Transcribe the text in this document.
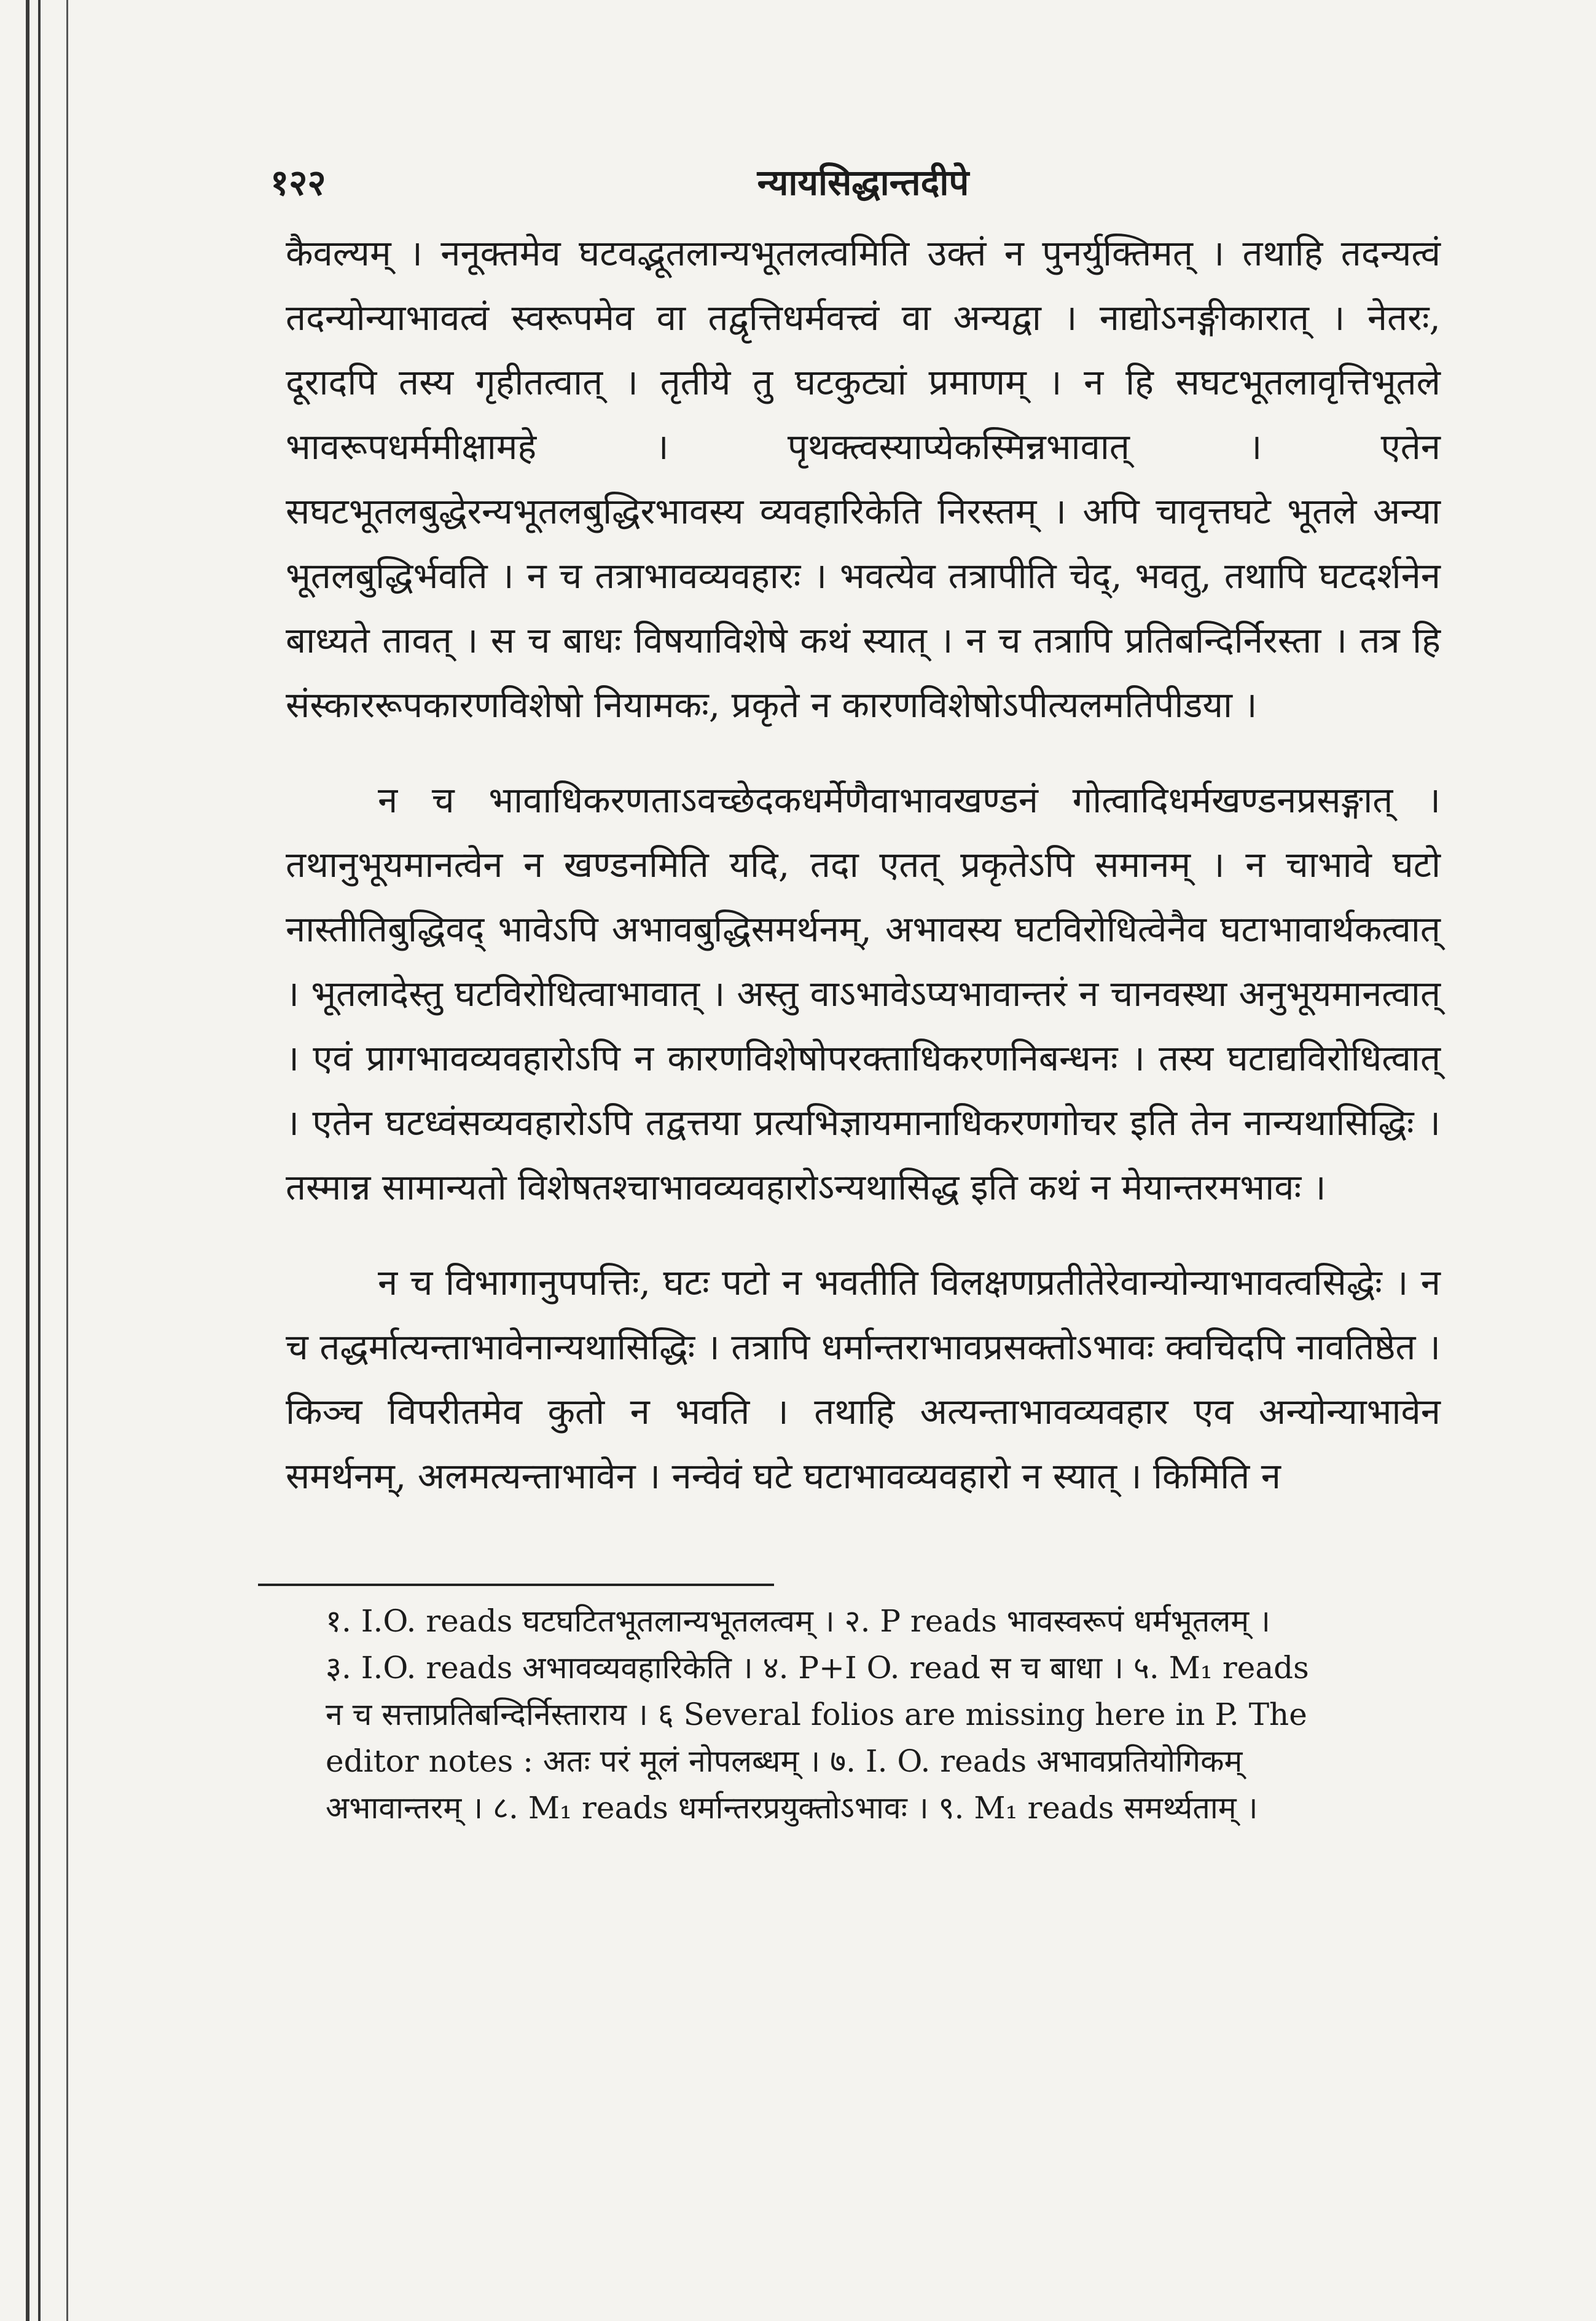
१२२	न्यायसिद्धान्तदीपे

कैवल्यम् । ननूक्तमेव घटवद्भूतलान्यभूतलत्वमिति उक्तं न पुनर्युक्तिमत् । तथाहि तदन्यत्वं तदन्योन्याभावत्वं स्वरूपमेव वा तद्वृत्तिधर्मवत्त्वं वा अन्यद्वा । नाद्योऽनङ्गीकारात् । नेतरः, दूरादपि तस्य गृहीतत्वात् । तृतीये तु घटकुट्यां प्रमाणम् । न हि सघटभूतलावृत्तिभूतले भावरूपधर्ममीक्षामहे । पृथक्त्वस्याप्येकस्मिन्नभावात् । एतेन सघटभूतलबुद्धेरन्यभूतलबुद्धिरभावस्य व्यवहारिकेति निरस्तम् । अपि चावृत्तघटे भूतले अन्या भूतलबुद्धिर्भवति । न च तत्राभावव्यवहारः । भवत्येव तत्रापीति चेद्, भवतु, तथापि घटदर्शनेन बाध्यते तावत् । स च बाधः विषयाविशेषे कथं स्यात् । न च तत्रापि प्रतिबन्दिर्निरस्ता । तत्र हि संस्काररूपकारणविशेषो नियामकः, प्रकृते न कारणविशेषोऽपीत्यलमतिपीडया ।

न च भावाधिकरणताऽवच्छेदकधर्मेणैवाभावखण्डनं गोत्वादिधर्मखण्डनप्रसङ्गात् । तथानुभूयमानत्वेन न खण्डनमिति यदि, तदा एतत् प्रकृतेऽपि समानम् । न चाभावे घटो नास्तीतिबुद्धिवद् भावेऽपि अभावबुद्धिसमर्थनम्, अभावस्य घटविरोधित्वेनैव घटाभावार्थकत्वात् । भूतलादेस्तु घटविरोधित्वाभावात् । अस्तु वाऽभावेऽप्यभावान्तरं न चानवस्था अनुभूयमानत्वात् । एवं प्रागभावव्यवहारोऽपि न कारणविशेषोपरक्ताधिकरणनिबन्धनः । तस्य घटाद्यविरोधित्वात् । एतेन घटध्वंसव्यवहारोऽपि तद्वत्तया प्रत्यभिज्ञायमानाधिकरणगोचर इति तेन नान्यथासिद्धिः । तस्मान्न सामान्यतो विशेषतश्चाभावव्यवहारोऽन्यथासिद्ध इति कथं न मेयान्तरमभावः ।

न च विभागानुपपत्तिः, घटः पटो न भवतीति विलक्षणप्रतीतेरेवान्योन्याभावत्वसिद्धेः । न च तद्धर्मात्यन्ताभावेनान्यथासिद्धिः । तत्रापि धर्मान्तराभावप्रसक्तोऽभावः क्वचिदपि नावतिष्ठेत । किञ्च विपरीतमेव कुतो न भवति । तथाहि अत्यन्ताभावव्यवहार एव अन्योन्याभावेन समर्थनम्, अलमत्यन्ताभावेन । नन्वेवं घटे घटाभावव्यवहारो न स्यात् । किमिति न

१. I.O. reads घटघटितभूतलान्यभूतलत्वम् । २. P reads भावस्वरूपं धर्मभूतलम् ।

३. I.O. reads अभावव्यवहारिकेति । ४. P+I O. read स च बाधा । ५. M₁ reads

न च सत्ताप्रतिबन्दिर्निस्ताराय । ६ Several folios are missing here in P. The

editor notes : अतः परं मूलं नोपलब्धम् । ७. I. O. reads अभावप्रतियोगिकम्

अभावान्तरम् । ८. M₁ reads धर्मान्तरप्रयुक्तोऽभावः । ९. M₁ reads समर्थ्यताम् ।
